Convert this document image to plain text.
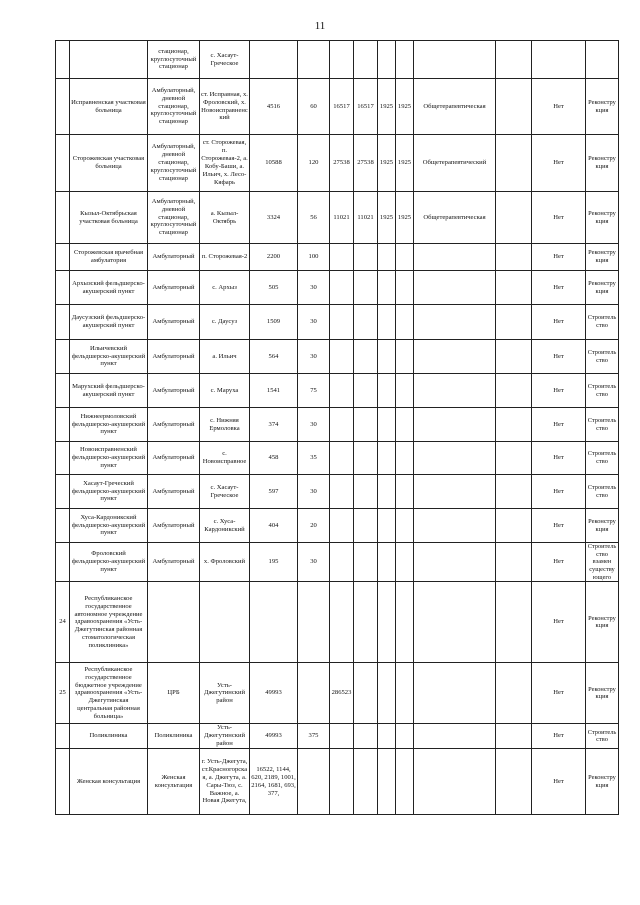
11
		стационар, круглосуточный стационар	с. Хасаут-Греческое										
	Исправненская участковая больница	Амбулаторный, дневной стационар, круглосуточный стационар	ст. Исправная, х. Фроловский, х. Новоисправненский	4516	60	16517	16517	1925	1925	Общетерапевтическая		Нет	Реконструкция
	Сторожевская участковая больница	Амбулаторный, дневной стационар, круглосуточный стационар	ст. Сторожевая, п. Сторожевая-2, а. Кобу-Баши, а. Ильич, х. Лесо-Кяфарь	10588	120	27538	27538	1925	1925	Общетерапевтический		Нет	Реконструкция
	Кызыл-Октябрьская участковая больница	Амбулаторный, дневной стационар, круглосуточный стационар	а. Кызыл-Октябрь	3324	56	11021	11021	1925	1925	Общетерапевтическая		Нет	Реконструкция
	Сторожевская врачебная амбулатория	Амбулаторный	п. Сторожевая-2	2200	100							Нет	Реконструкция
	Архызский фельдшерско-акушерский пункт	Амбулаторный	с. Архыз	505	30							Нет	Реконструкция
	Даусузский фельдшерско-акушерский пункт	Амбулаторный	с. Даусуз	1509	30							Нет	Строительство
	Ильичевский фельдшерско-акушерский пункт	Амбулаторный	а. Ильич	564	30							Нет	Строительство
	Марухский фельдшерско-акушерский пункт	Амбулаторный	с. Маруха	1541	75							Нет	Строительство
	Нижнеермоловский фельдшерско-акушерский пункт	Амбулаторный	с. Нижняя Ермоловка	374	30							Нет	Строительство
	Новоисправненский фельдшерско-акушерский пункт	Амбулаторный	с. Новоисправное	458	35							Нет	Строительство
	Хасаут-Греческий фельдшерско-акушерский пункт	Амбулаторный	с. Хасаут-Греческое	597	30							Нет	Строительство
	Хуса-Кардоникский фельдшерско-акушерский пункт	Амбулаторный	с. Хуса-Кардоникский	404	20							Нет	Реконструкция
	Фроловский фельдшерско-акушерский пункт	Амбулаторный	х. Фроловский	195	30							Нет	Строительство взамен существующего
24	Республиканское государственное автономное учреждение здравоохранения «Усть-Джегутинская районная стоматологическая поликлиника»											Нет	Реконструкция
25	Республиканское государственное бюджетное учреждение здравоохранения «Усть-Джегутинская центральная районная больница»	ЦРБ	Усть-Джегутинский район	49993		286523						Нет	Реконструкция
	Поликлиника	Поликлиника	Усть-Джегутинский район	49993	375							Нет	Строительство
	Женская консультация	Женская консультация	г. Усть-Джегута, ст.Красногорская, а. Джегута, а. Сары-Тюз, с. Важное, а. Новая Джегута,	16522, 1144, 620, 2189, 1001, 2164, 1681, 693, 377,								Нет	Реконструкция
